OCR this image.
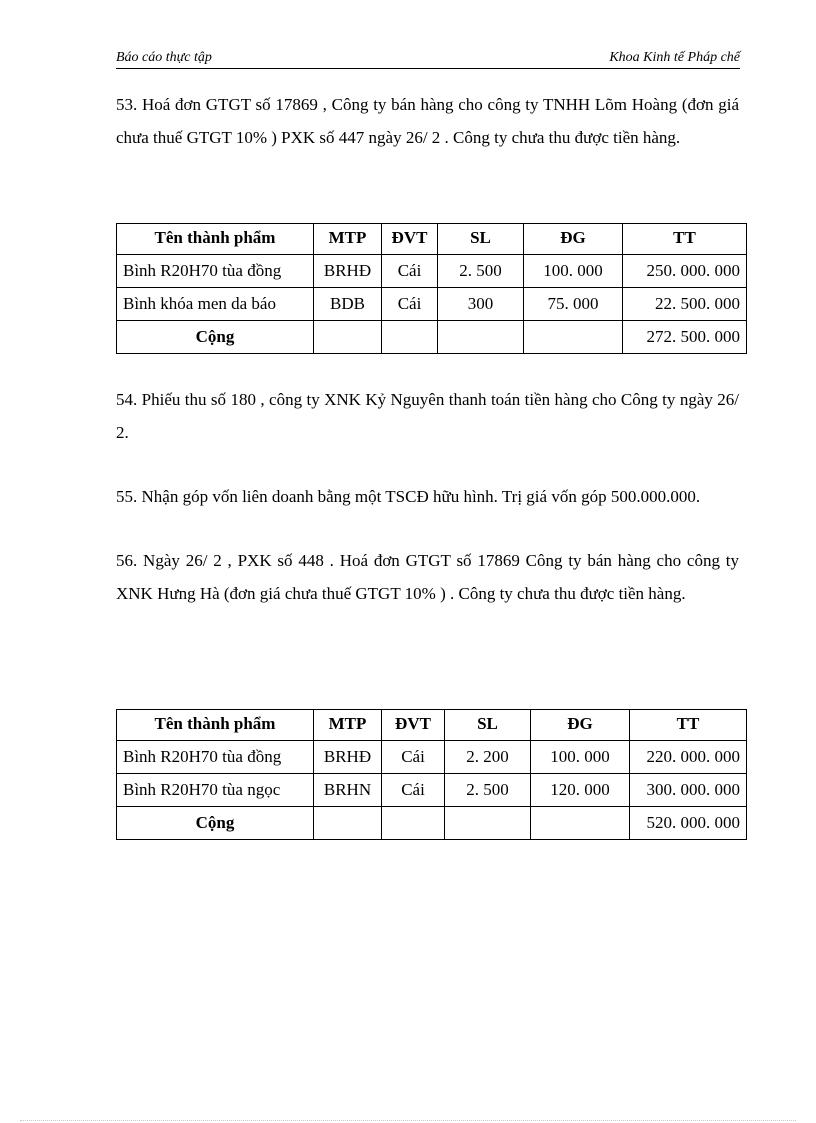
Báo cáo thực tập	Khoa Kinh tế Pháp chế

53. Hoá đơn GTGT số 17869 , Công ty bán hàng cho công ty TNHH Lõm Hoàng (đơn giá chưa thuế GTGT 10% ) PXK số 447 ngày 26/ 2 . Công ty chưa thu được tiền hàng.

Tên thành phẩm	MTP	ĐVT	SL	ĐG	TT
Bình R20H70 tùa đồng	BRHĐ	Cái	2. 500	100. 000	250. 000. 000
Bình khóa men da báo	BDB	Cái	300	75. 000	22. 500. 000
Cộng					272. 500. 000

54. Phiếu thu số 180 , công ty XNK Kỷ Nguyên thanh toán tiền hàng cho Công ty ngày 26/ 2.

55. Nhận góp vốn liên doanh bằng một TSCĐ hữu hình. Trị giá vốn góp 500.000.000.

56. Ngày 26/ 2 , PXK số 448 . Hoá đơn GTGT số 17869 Công ty bán hàng cho công ty XNK Hưng Hà (đơn giá chưa thuế GTGT 10% ) . Công ty chưa thu được tiền hàng.

Tên thành phẩm	MTP	ĐVT	SL	ĐG	TT
Bình R20H70 tùa đồng	BRHĐ	Cái	2. 200	100. 000	220. 000. 000
Bình R20H70 tùa ngọc	BRHN	Cái	2. 500	120. 000	300. 000. 000
Cộng					520. 000. 000
